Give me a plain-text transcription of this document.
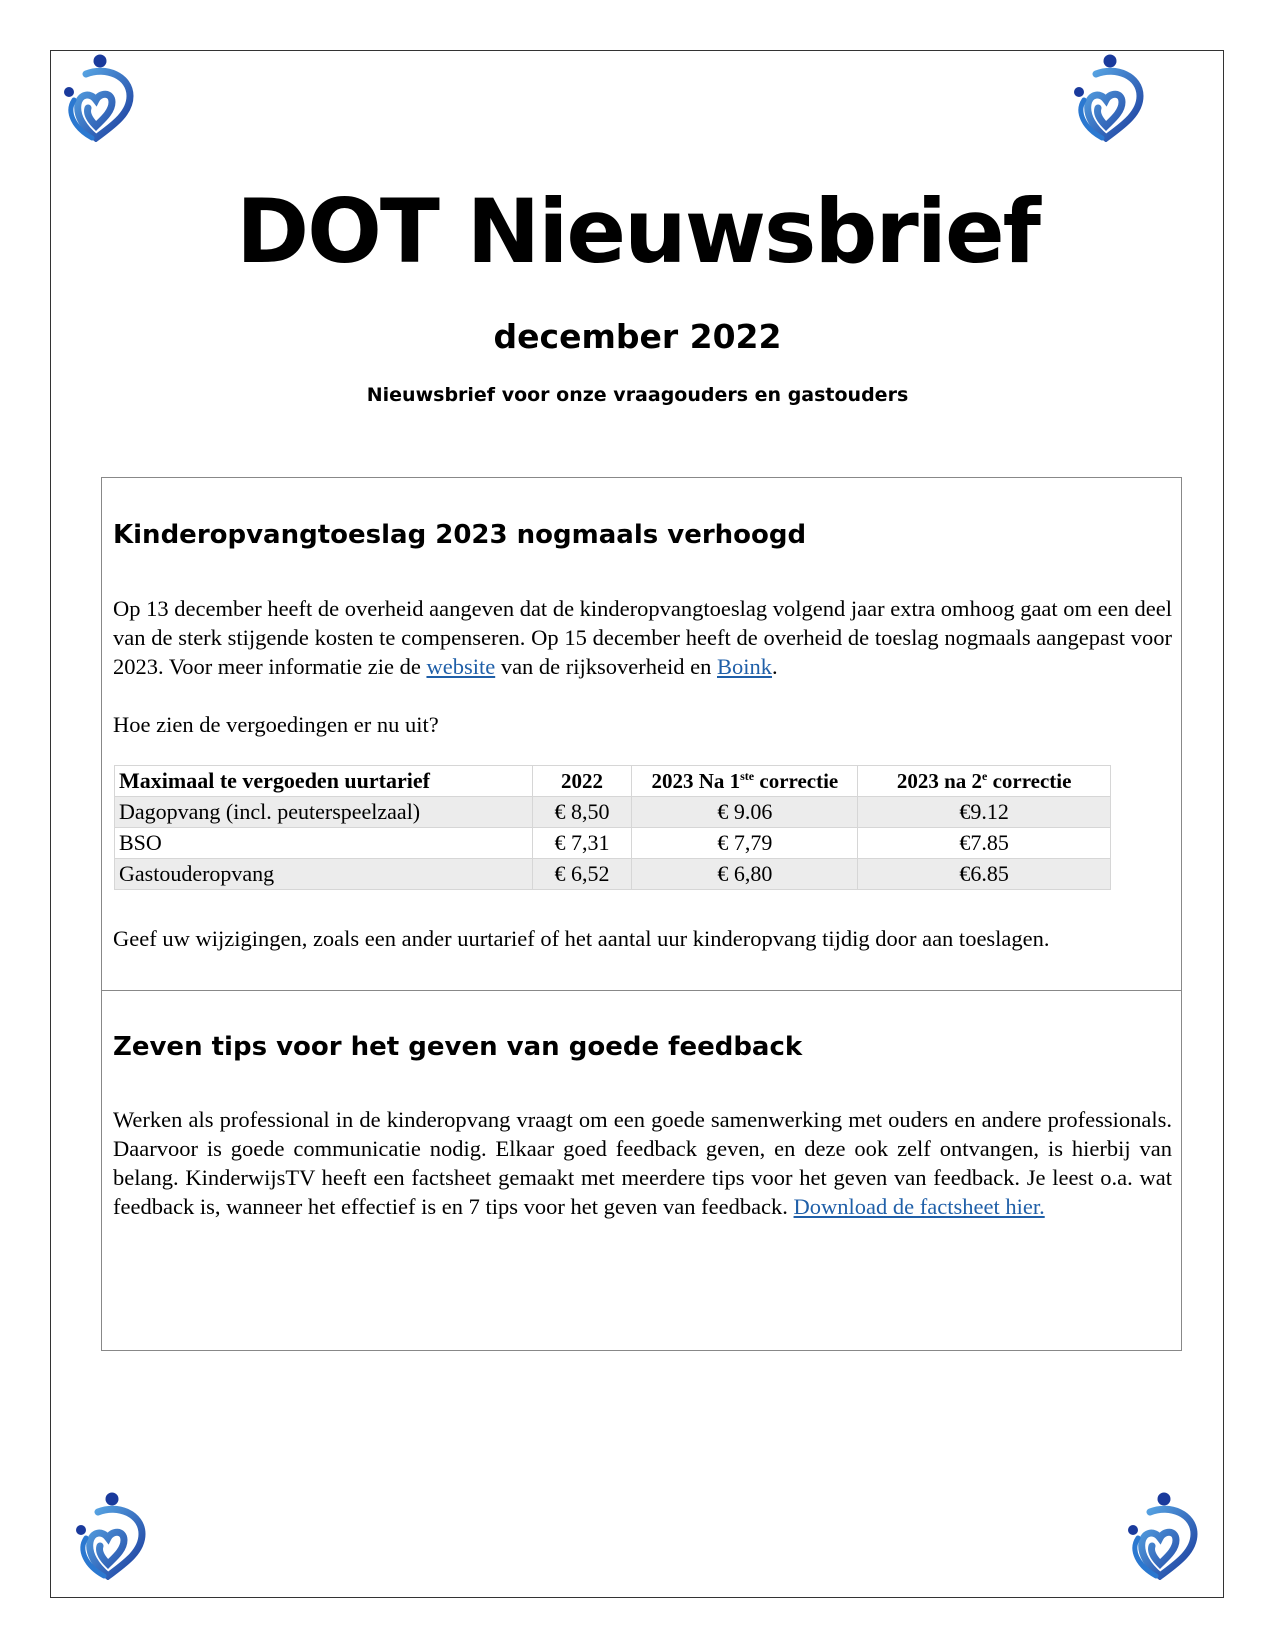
DOT Nieuwsbrief
december 2022
Nieuwsbrief voor onze vraagouders en gastouders
Kinderopvangtoeslag 2023 nogmaals verhoogd

Op 13 december heeft de overheid aangeven dat de kinderopvangtoeslag volgend jaar extra omhoog gaat om een deel van de sterk stijgende kosten te compenseren. Op 15 december heeft de overheid de toeslag nogmaals aangepast voor 2023. Voor meer informatie zie de website van de rijksoverheid en Boink.

Hoe zien de vergoedingen er nu uit?

Maximaal te vergoeden uurtarief	2022	2023 Na 1ste correctie	2023 na 2e correctie
Dagopvang (incl. peuterspeelzaal)	€ 8,50	€ 9.06	€9.12
BSO	€ 7,31	€ 7,79	€7.85
Gastouderopvang	€ 6,52	€ 6,80	€6.85

Geef uw wijzigingen, zoals een ander uurtarief of het aantal uur kinderopvang tijdig door aan toeslagen.

Zeven tips voor het geven van goede feedback

Werken als professional in de kinderopvang vraagt om een goede samenwerking met ouders en andere professionals. Daarvoor is goede communicatie nodig. Elkaar goed feedback geven, en deze ook zelf ontvangen, is hierbij van belang. KinderwijsTV heeft een factsheet gemaakt met meerdere tips voor het geven van feedback. Je leest o.a. wat feedback is, wanneer het effectief is en 7 tips voor het geven van feedback. Download de factsheet hier.
